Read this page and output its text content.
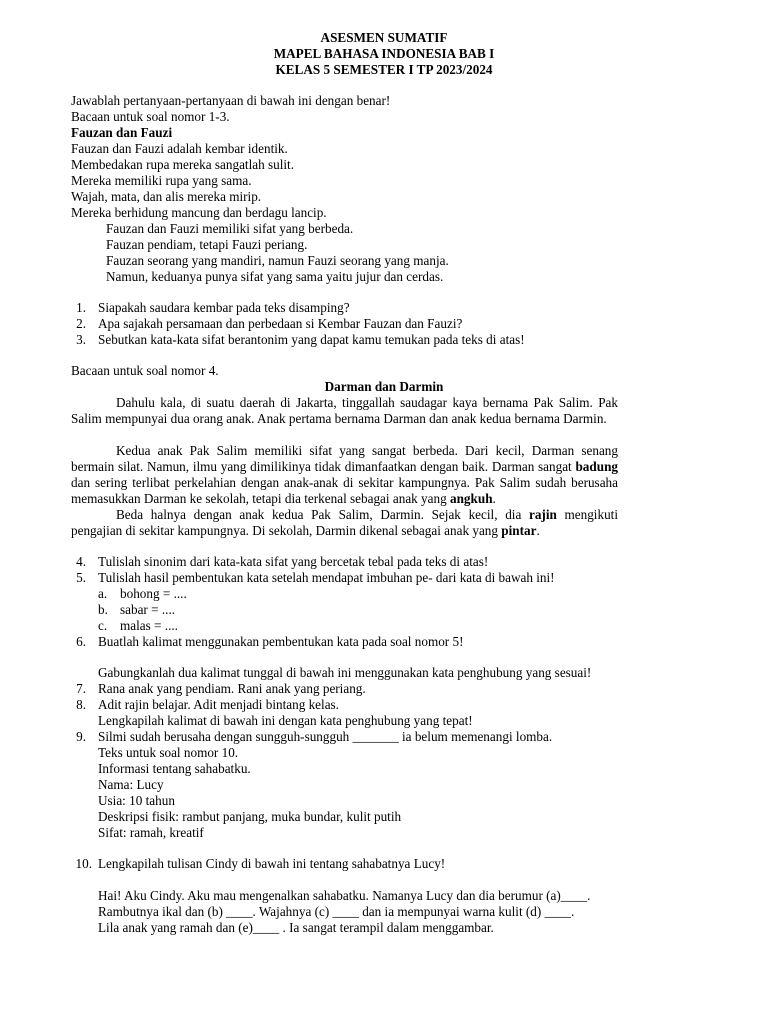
ASESMEN SUMATIF
MAPEL BAHASA INDONESIA BAB I
KELAS 5 SEMESTER I TP 2023/2024
Jawablah pertanyaan-pertanyaan di bawah ini dengan benar!
Bacaan untuk soal nomor 1-3.
Fauzan dan Fauzi
Fauzan dan Fauzi adalah kembar identik.
Membedakan rupa mereka sangatlah sulit.
Mereka memiliki rupa yang sama.
Wajah, mata, dan alis mereka mirip.
Mereka berhidung mancung dan berdagu lancip.
Fauzan dan Fauzi memiliki sifat yang berbeda.
Fauzan pendiam, tetapi Fauzi periang.
Fauzan seorang yang mandiri, namun Fauzi seorang yang manja.
Namun, keduanya punya sifat yang sama yaitu jujur dan cerdas.
1. Siapakah saudara kembar pada teks disamping?
2. Apa sajakah persamaan dan perbedaan si Kembar Fauzan dan Fauzi?
3. Sebutkan kata-kata sifat berantonim yang dapat kamu temukan pada teks di atas!
Bacaan untuk soal nomor 4.
Darman dan Darmin
Dahulu kala, di suatu daerah di Jakarta, tinggallah saudagar kaya bernama Pak Salim. Pak Salim mempunyai dua orang anak. Anak pertama bernama Darman dan anak kedua bernama Darmin.
Kedua anak Pak Salim memiliki sifat yang sangat berbeda. Dari kecil, Darman senang bermain silat. Namun, ilmu yang dimilikinya tidak dimanfaatkan dengan baik. Darman sangat badung dan sering terlibat perkelahian dengan anak-anak di sekitar kampungnya. Pak Salim sudah berusaha memasukkan Darman ke sekolah, tetapi dia terkenal sebagai anak yang angkuh.
Beda halnya dengan anak kedua Pak Salim, Darmin. Sejak kecil, dia rajin mengikuti pengajian di sekitar kampungnya. Di sekolah, Darmin dikenal sebagai anak yang pintar.
4. Tulislah sinonim dari kata-kata sifat yang bercetak tebal pada teks di atas!
5. Tulislah hasil pembentukan kata setelah mendapat imbuhan pe- dari kata di bawah ini!
a. bohong = ....
b. sabar = ....
c. malas = ....
6. Buatlah kalimat menggunakan pembentukan kata pada soal nomor 5!
Gabungkanlah dua kalimat tunggal di bawah ini menggunakan kata penghubung yang sesuai!
7. Rana anak yang pendiam. Rani anak yang periang.
8. Adit rajin belajar. Adit menjadi bintang kelas.
Lengkapilah kalimat di bawah ini dengan kata penghubung yang tepat!
9. Silmi sudah berusaha dengan sungguh-sungguh _______ ia belum memenangi lomba.
Teks untuk soal nomor 10.
Informasi tentang sahabatku.
Nama: Lucy
Usia: 10 tahun
Deskripsi fisik: rambut panjang, muka bundar, kulit putih
Sifat: ramah, kreatif
10. Lengkapilah tulisan Cindy di bawah ini tentang sahabatnya Lucy!
Hai! Aku Cindy. Aku mau mengenalkan sahabatku. Namanya Lucy dan dia berumur (a)____.
Rambutnya ikal dan (b) ____. Wajahnya (c) ____ dan ia mempunyai warna kulit (d) ____.
Lila anak yang ramah dan (e)____ . Ia sangat terampil dalam menggambar.
